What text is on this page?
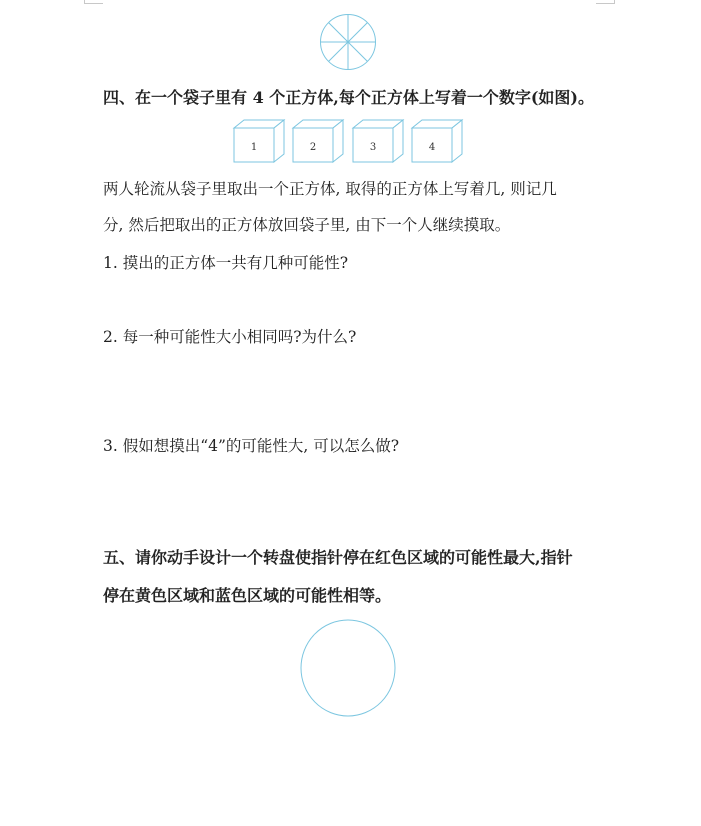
四、在一个袋子里有 4 个正方体,每个正方体上写着一个数字(如图)。

1	2	3	4

两人轮流从袋子里取出一个正方体, 取得的正方体上写着几, 则记几

分, 然后把取出的正方体放回袋子里, 由下一个人继续摸取。

1. 摸出的正方体一共有几种可能性?

2. 每一种可能性大小相同吗?为什么?

3. 假如想摸出“4”的可能性大, 可以怎么做?

五、请你动手设计一个转盘使指针停在红色区域的可能性最大,指针

停在黄色区域和蓝色区域的可能性相等。
